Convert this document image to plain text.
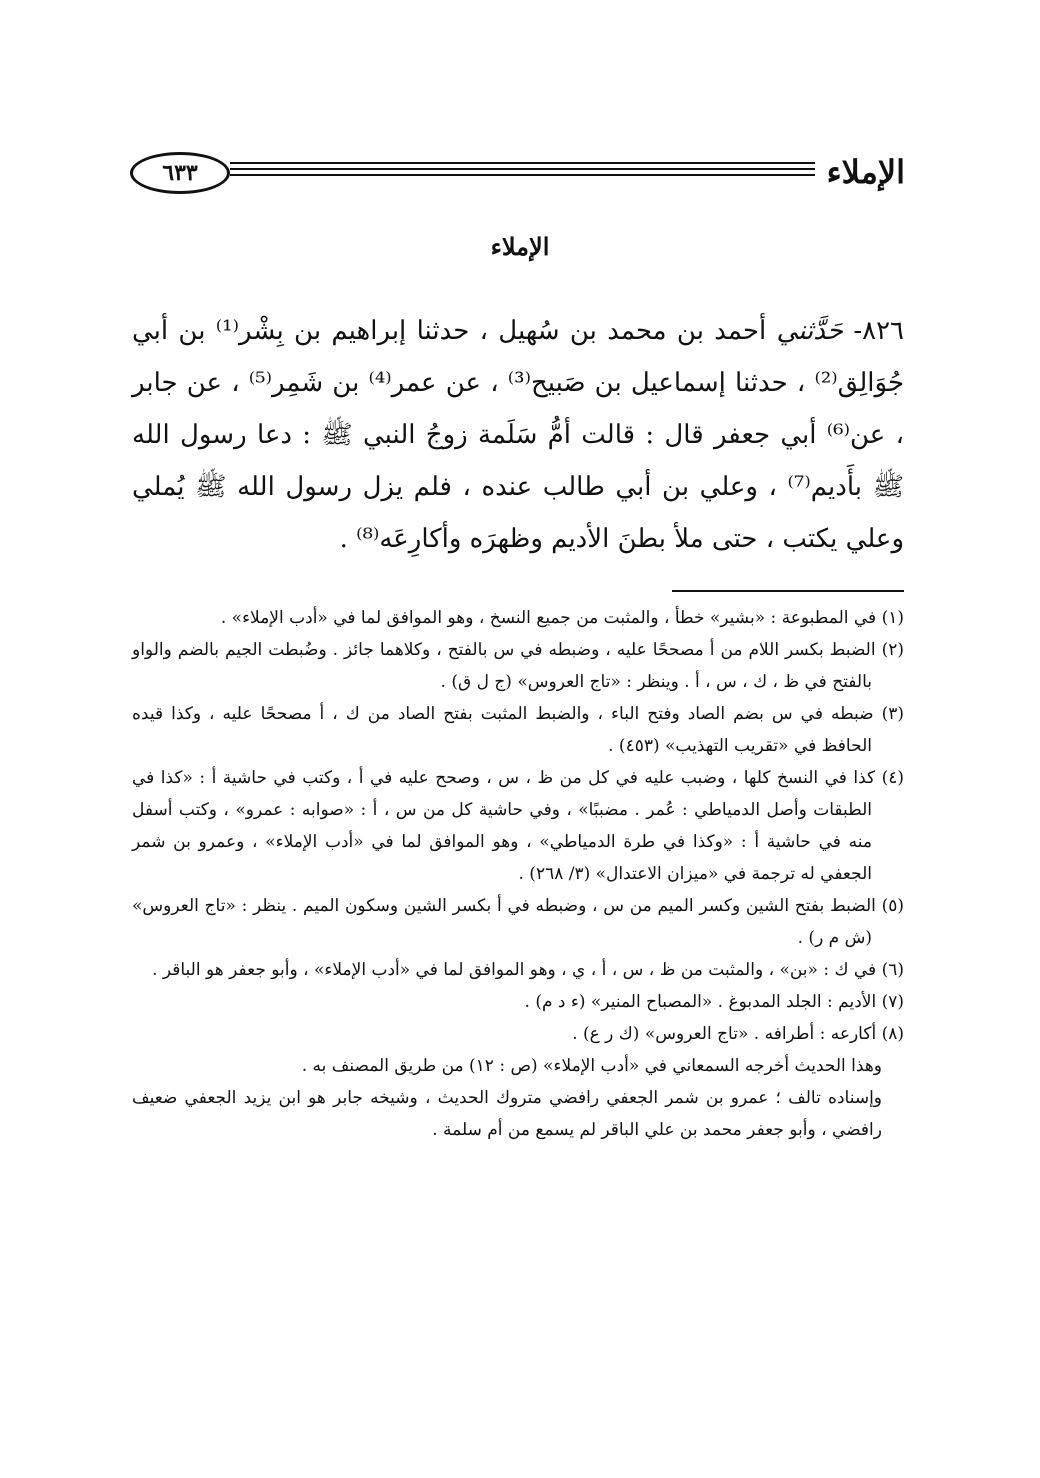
٦٣٣	الإملاء
الإملاء
٨٢٦- حَدَّثني أحمد بن محمد بن سُهيل ، حدثنا إبراهيم بن بِشْر⁽¹⁾ بن أبي جُوَالِق⁽²⁾ ، حدثنا إسماعيل بن صَبيح⁽³⁾ ، عن عمر⁽⁴⁾ بن شَمِر⁽⁵⁾ ، عن جابر ، عن⁽⁶⁾ أبي جعفر قال : قالت أمُّ سَلَمة زوجُ النبي ﷺ : دعا رسول الله ﷺ بأَديم⁽⁷⁾ ، وعلي بن أبي طالب عنده ، فلم يزل رسول الله ﷺ يُملي وعلي يكتب ، حتى ملأ بطنَ الأديم وظهرَه وأكارِعَه⁽⁸⁾ .
(١) في المطبوعة : «بشير» خطأ ، والمثبت من جميع النسخ ، وهو الموافق لما في «أدب الإملاء» .
(٢) الضبط بكسر اللام من أ مصححًا عليه ، وضبطه في س بالفتح ، وكلاهما جائز . وضُبطت الجيم بالضم والواو بالفتح في ظ ، ك ، س ، أ . وينظر : «تاج العروس» (ج ل ق) .
(٣) ضبطه في س بضم الصاد وفتح الباء ، والضبط المثبت بفتح الصاد من ك ، أ مصححًا عليه ، وكذا قيده الحافظ في «تقريب التهذيب» (٤٥٣) .
(٤) كذا في النسخ كلها ، وضبب عليه في كل من ظ ، س ، وصحح عليه في أ ، وكتب في حاشية أ : «كذا في الطبقات وأصل الدمياطي : عُمر . مضببًا» ، وفي حاشية كل من س ، أ : «صوابه : عمرو» ، وكتب أسفل منه في حاشية أ : «وكذا في طرة الدمياطي» ، وهو الموافق لما في «أدب الإملاء» ، وعمرو بن شمر الجعفي له ترجمة في «ميزان الاعتدال» (٣/ ٢٦٨) .
(٥) الضبط بفتح الشين وكسر الميم من س ، وضبطه في أ بكسر الشين وسكون الميم . ينظر : «تاج العروس» (ش م ر) .
(٦) في ك : «بن» ، والمثبت من ظ ، س ، أ ، ي ، وهو الموافق لما في «أدب الإملاء» ، وأبو جعفر هو الباقر .
(٧) الأديم : الجلد المدبوغ . «المصباح المنير» (ء د م) .
(٨) أكارعه : أطرافه . «تاج العروس» (ك ر ع) .
وهذا الحديث أخرجه السمعاني في «أدب الإملاء» (ص : ١٢) من طريق المصنف به .
وإسناده تالف ؛ عمرو بن شمر الجعفي رافضي متروك الحديث ، وشيخه جابر هو ابن يزيد الجعفي ضعيف رافضي ، وأبو جعفر محمد بن علي الباقر لم يسمع من أم سلمة .
